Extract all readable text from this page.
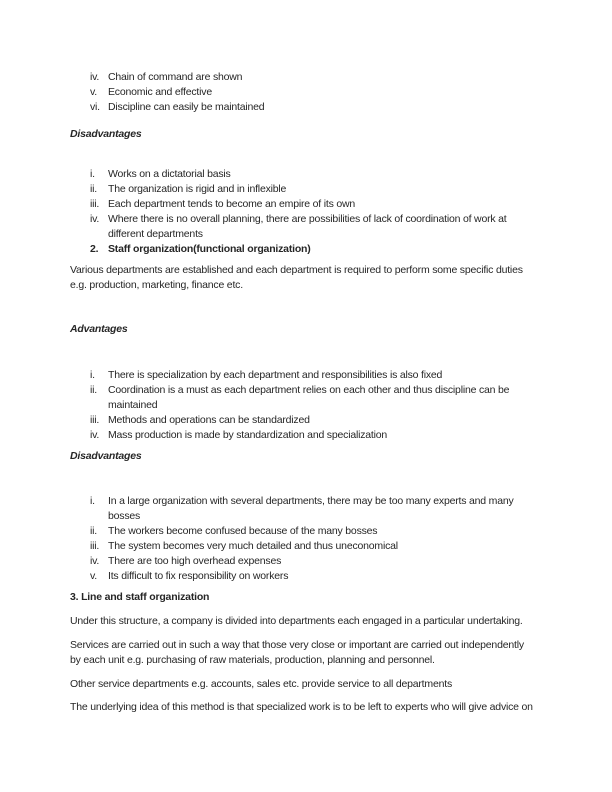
iv. Chain of command are shown
v.	Economic and effective
vi. Discipline can easily be maintained
Disadvantages
i.	Works on a dictatorial basis
ii.	The organization is rigid and in inflexible
iii. Each department tends to become an empire of its own
iv. Where there is no overall planning, there are possibilities of lack of coordination of work at
different departments
2. Staff organization(functional organization)
Various departments are established and each department is required to perform some specific duties
e.g. production, marketing, finance etc.
Advantages
i.	There is specialization by each department and responsibilities is also fixed
ii.	Coordination is a must as each department relies on each other and thus discipline can be
maintained
iii. Methods and operations can be standardized
iv. Mass production is made by standardization and specialization
Disadvantages
i.	In a large organization with several departments, there may be too many experts and many
bosses
ii.	The workers become confused because of the many bosses
iii. The system becomes very much detailed and thus uneconomical
iv. There are too high overhead expenses
v.	Its difficult to fix responsibility on workers
3. Line and staff organization
Under this structure, a company is divided into departments each engaged in a particular undertaking.
Services are carried out in such a way that those very close or important are carried out independently
by each unit e.g. purchasing of raw materials, production, planning and personnel.
Other service departments e.g. accounts, sales etc. provide service to all departments
The underlying idea of this method is that specialized work is to be left to experts who will give advice on
